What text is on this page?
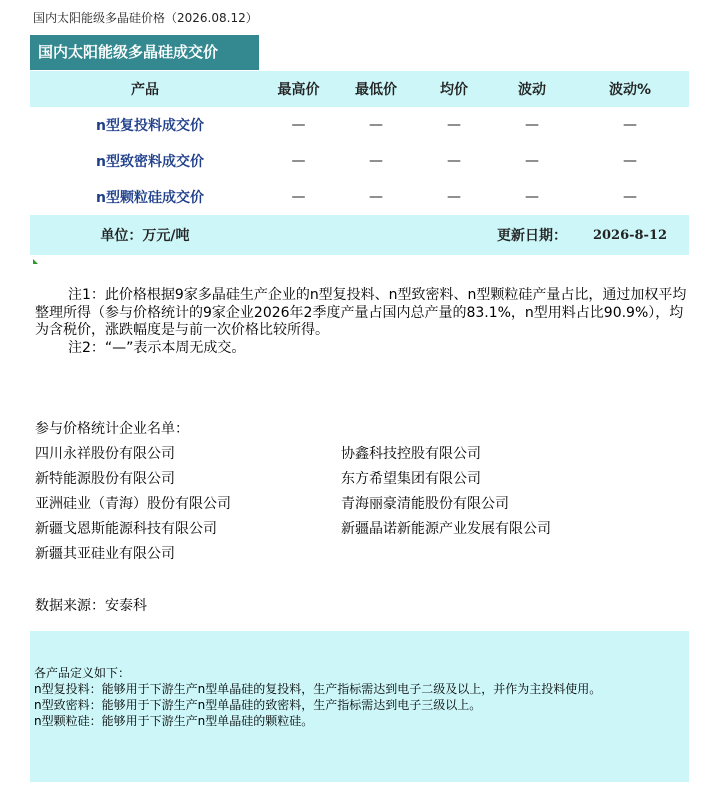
国内太阳能级多晶硅价格（2026.08.12）
国内太阳能级多晶硅成交价
产品	最高价	最低价	均价	波动	波动%
n型复投料成交价	—	—	—	—	—
n型致密料成交价	—	—	—	—	—
n型颗粒硅成交价	—	—	—	—	—
单位：万元/吨				更新日期：	2026-8-12

注1：此价格根据9家多晶硅生产企业的n型复投料、n型致密料、n型颗粒硅产量占比，通过加权平均整理所得（参与价格统计的9家企业2026年2季度产量占国内总产量的83.1%，n型用料占比90.9%），均为含税价，涨跌幅度是与前一次价格比较所得。

注2：“—”表示本周无成交。

参与价格统计企业名单：
四川永祥股份有限公司	协鑫科技控股有限公司
新特能源股份有限公司	东方希望集团有限公司
亚洲硅业（青海）股份有限公司	青海丽豪清能股份有限公司
新疆戈恩斯能源科技有限公司	新疆晶诺新能源产业发展有限公司
新疆其亚硅业有限公司
数据来源：安泰科
各产品定义如下：
n型复投料：能够用于下游生产n型单晶硅的复投料，生产指标需达到电子二级及以上，并作为主投料使用。
n型致密料：能够用于下游生产n型单晶硅的致密料，生产指标需达到电子三级以上。
n型颗粒硅：能够用于下游生产n型单晶硅的颗粒硅。
